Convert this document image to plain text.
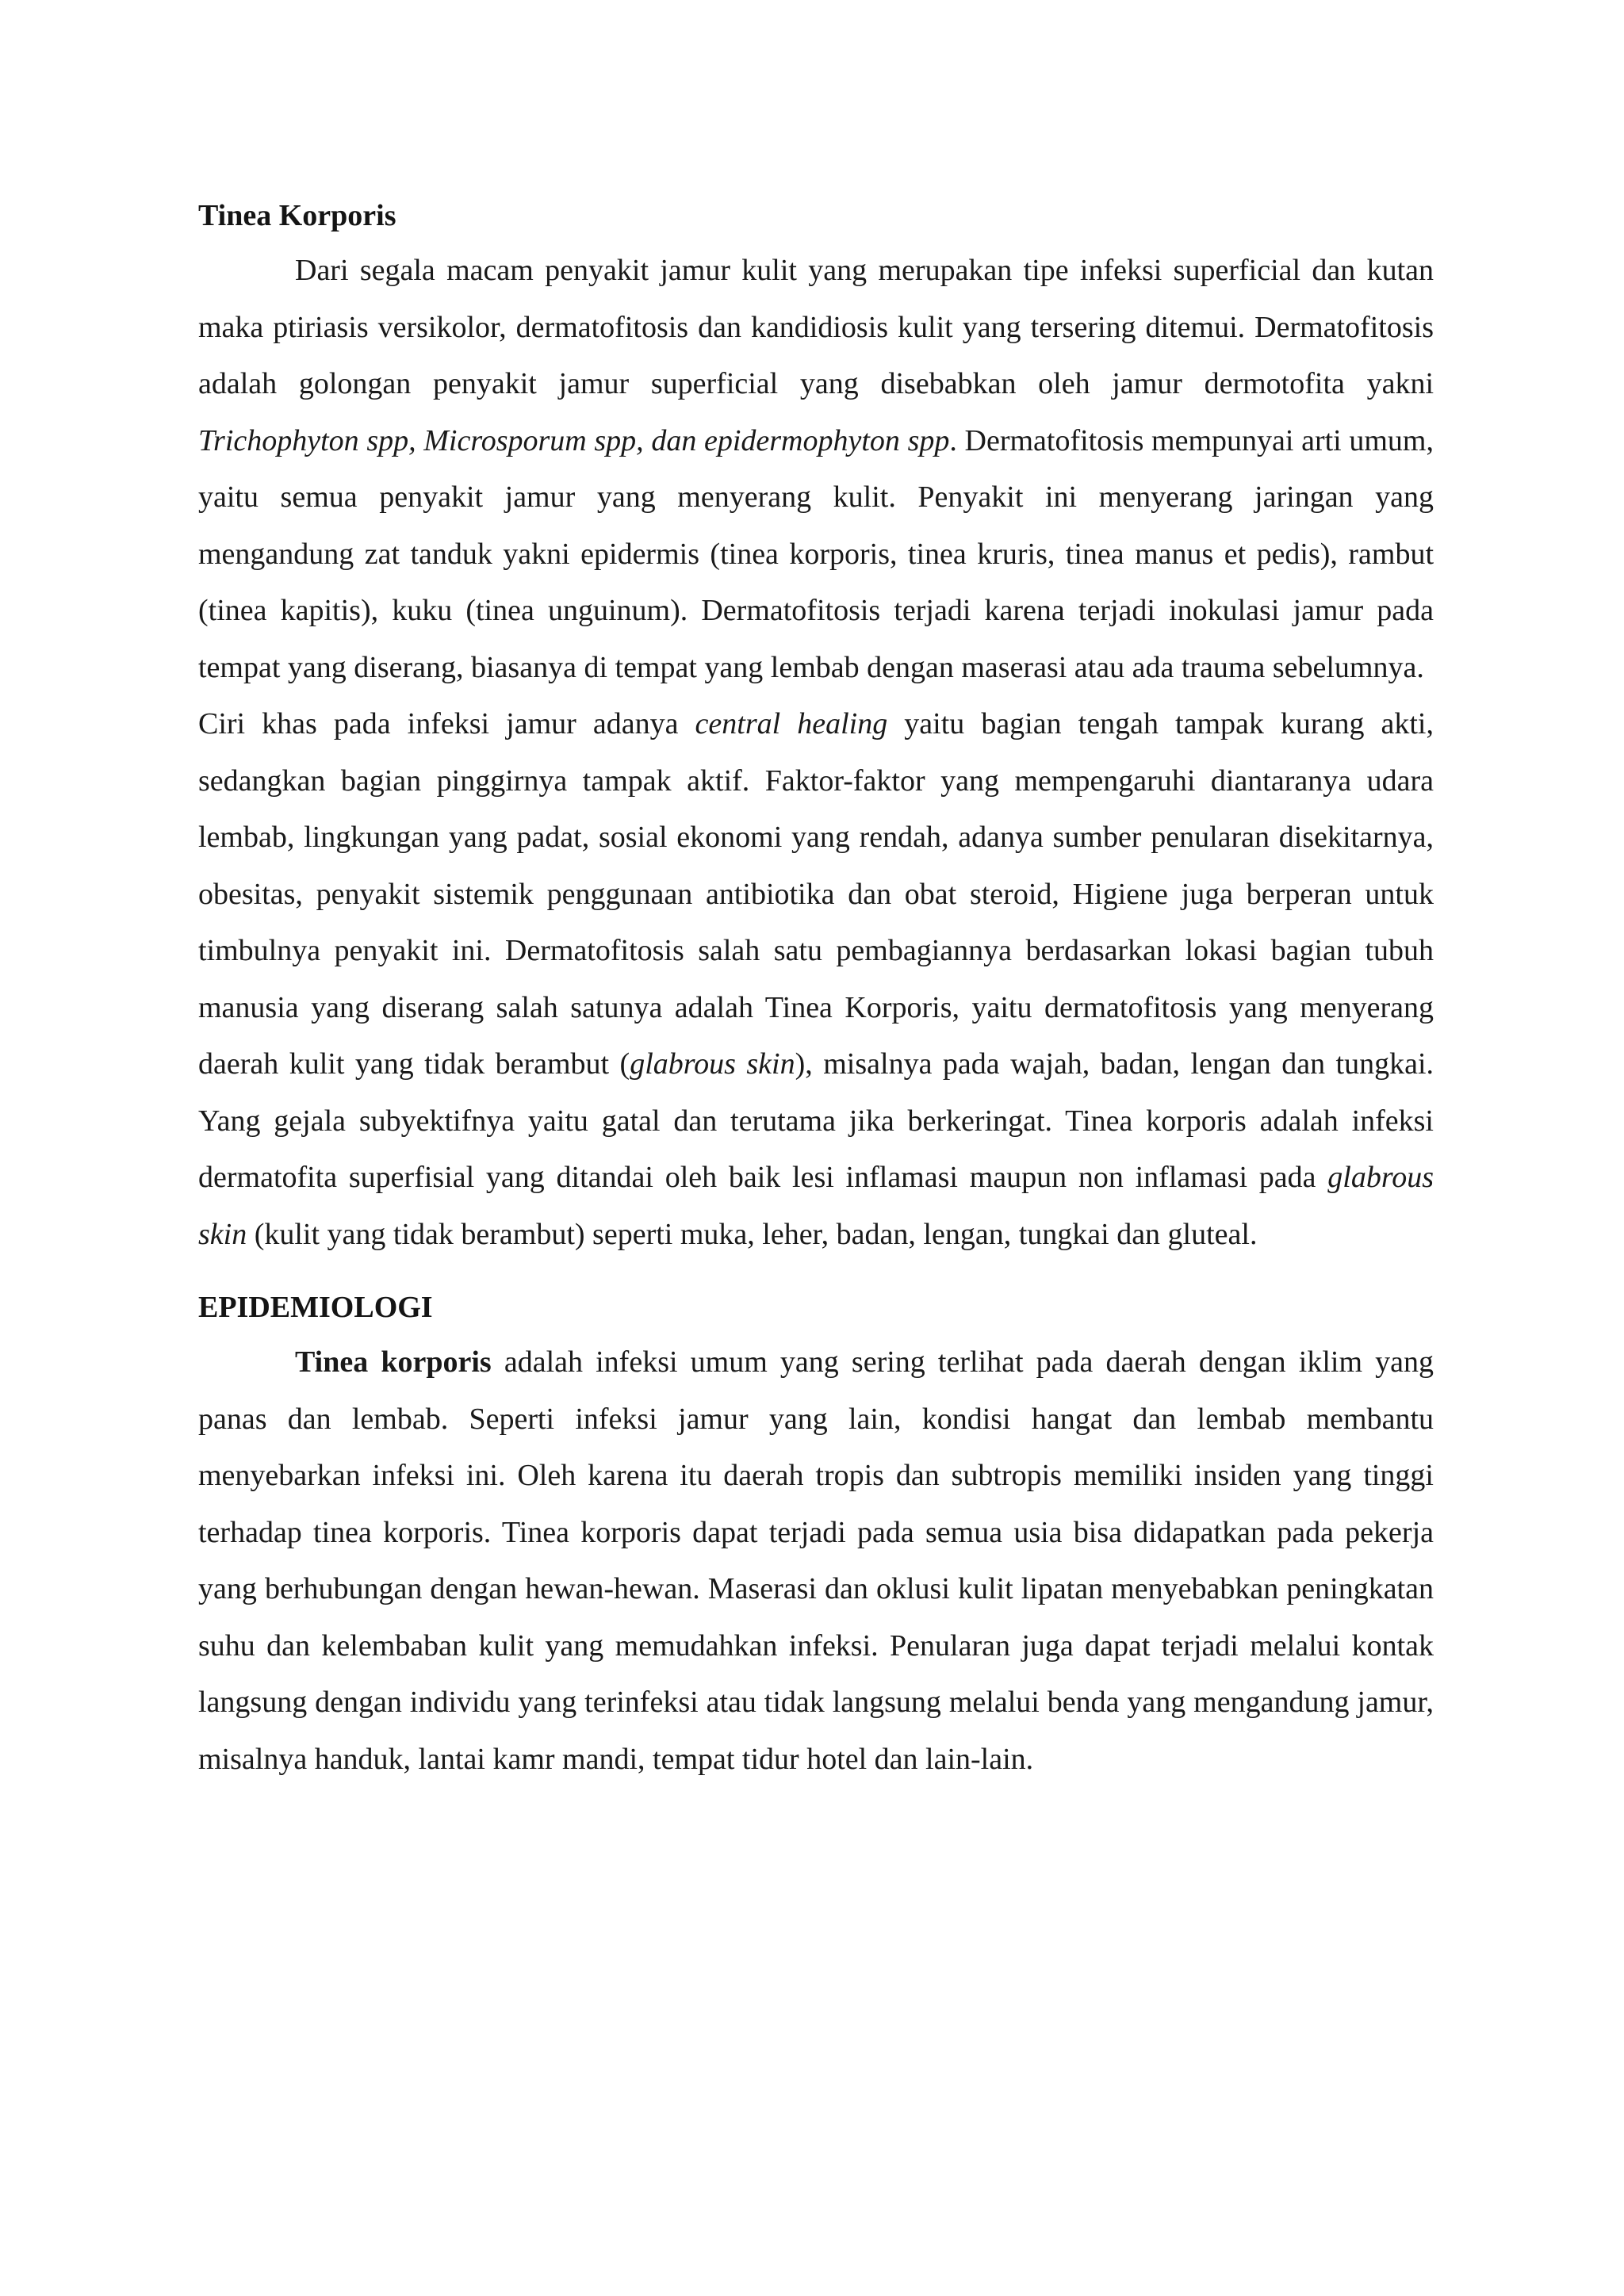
Tinea Korporis

Dari segala macam penyakit jamur kulit yang merupakan tipe infeksi superficial dan kutan maka ptiriasis versikolor, dermatofitosis dan kandidiosis kulit yang tersering ditemui. Dermatofitosis adalah golongan penyakit jamur superficial yang disebabkan oleh jamur dermotofita yakni Trichophyton spp, Microsporum spp, dan epidermophyton spp. Dermatofitosis mempunyai arti umum, yaitu semua penyakit jamur yang menyerang kulit. Penyakit ini menyerang jaringan yang mengandung zat tanduk yakni epidermis (tinea korporis, tinea kruris, tinea manus et pedis), rambut (tinea kapitis), kuku (tinea unguinum). Dermatofitosis terjadi karena terjadi inokulasi jamur pada tempat yang diserang, biasanya di tempat yang lembab dengan maserasi atau ada trauma sebelumnya.

Ciri khas pada infeksi jamur adanya central healing yaitu bagian tengah tampak kurang akti, sedangkan bagian pinggirnya tampak aktif. Faktor-faktor yang mempengaruhi diantaranya udara lembab, lingkungan yang padat, sosial ekonomi yang rendah, adanya sumber penularan disekitarnya, obesitas, penyakit sistemik penggunaan antibiotika dan obat steroid, Higiene juga berperan untuk timbulnya penyakit ini. Dermatofitosis salah satu pembagiannya berdasarkan lokasi bagian tubuh manusia yang diserang salah satunya adalah Tinea Korporis, yaitu dermatofitosis yang menyerang daerah kulit yang tidak berambut (glabrous skin), misalnya pada wajah, badan, lengan dan tungkai. Yang gejala subyektifnya yaitu gatal dan terutama jika berkeringat. Tinea korporis adalah infeksi dermatofita superfisial yang ditandai oleh baik lesi inflamasi maupun non inflamasi pada glabrous skin (kulit yang tidak berambut) seperti muka, leher, badan, lengan, tungkai dan gluteal.

EPIDEMIOLOGI

Tinea korporis adalah infeksi umum yang sering terlihat pada daerah dengan iklim yang panas dan lembab. Seperti infeksi jamur yang lain, kondisi hangat dan lembab membantu menyebarkan infeksi ini. Oleh karena itu daerah tropis dan subtropis memiliki insiden yang tinggi terhadap tinea korporis. Tinea korporis dapat terjadi pada semua usia bisa didapatkan pada pekerja yang berhubungan dengan hewan-hewan. Maserasi dan oklusi kulit lipatan menyebabkan peningkatan suhu dan kelembaban kulit yang memudahkan infeksi. Penularan juga dapat terjadi melalui kontak langsung dengan individu yang terinfeksi atau tidak langsung melalui benda yang mengandung jamur, misalnya handuk, lantai kamr mandi, tempat tidur hotel dan lain-lain.
